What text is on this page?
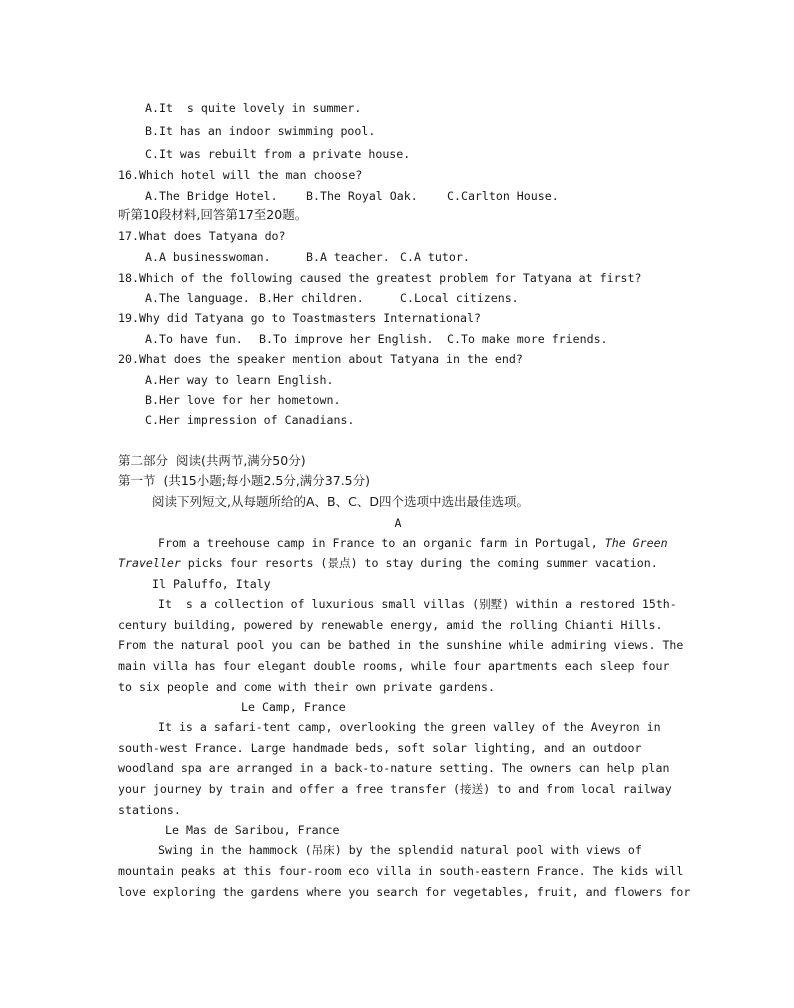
A.It  s quite lovely in summer.
B.It has an indoor swimming pool.
C.It was rebuilt from a private house.
16.Which hotel will the man choose?
A.The Bridge Hotel. B.The Royal Oak.	C.Carlton House.
听第10段材料,回答第17至20题。
17.What does Tatyana do?
A.A businesswoman.	B.A teacher. C.A tutor.
18.Which of the following caused the greatest problem for Tatyana at first?
A.The language. B.Her children.	C.Local citizens.
19.Why did Tatyana go to Toastmasters International?
A.To have fun. B.To improve her English. C.To make more friends.
20.What does the speaker mention about Tatyana in the end?
A.Her way to learn English.
B.Her love for her hometown.
C.Her impression of Canadians.
第二部分  阅读(共两节,满分50分)
第一节  (共15小题;每小题2.5分,满分37.5分)
阅读下列短文,从每题所给的A、B、C、D四个选项中选出最佳选项。
A
From a treehouse camp in France to an organic farm in Portugal, The Green
Traveller picks four resorts (景点) to stay during the coming summer vacation.
Il Paluffo, Italy
It  s a collection of luxurious small villas (别墅) within a restored 15th-
century building, powered by renewable energy, amid the rolling Chianti Hills.
From the natural pool you can be bathed in the sunshine while admiring views. The
main villa has four elegant double rooms, while four apartments each sleep four
to six people and come with their own private gardens.
Le Camp, France
It is a safari-tent camp, overlooking the green valley of the Aveyron in
south-west France. Large handmade beds, soft solar lighting, and an outdoor
woodland spa are arranged in a back-to-nature setting. The owners can help plan
your journey by train and offer a free transfer (接送) to and from local railway
stations.
Le Mas de Saribou, France
Swing in the hammock (吊床) by the splendid natural pool with views of
mountain peaks at this four-room eco villa in south-eastern France. The kids will
love exploring the gardens where you search for vegetables, fruit, and flowers for
